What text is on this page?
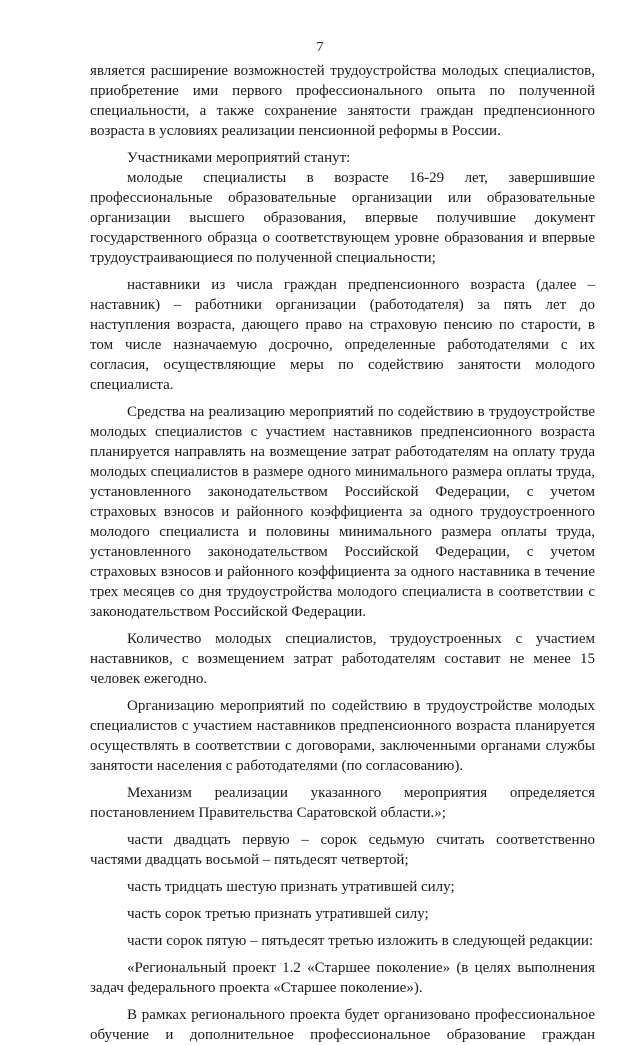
7

является расширение возможностей трудоустройства молодых специалистов, приобретение ими первого профессионального опыта по полученной специальности, а также сохранение занятости граждан предпенсионного возраста в условиях реализации пенсионной реформы в России.

Участниками мероприятий станут:

молодые специалисты в возрасте 16-29 лет, завершившие профессиональные образовательные организации или образовательные организации высшего образования, впервые получившие документ государственного образца о соответствующем уровне образования и впервые трудоустраивающиеся по полученной специальности;

наставники из числа граждан предпенсионного возраста (далее – наставник) – работники организации (работодателя) за пять лет до наступления возраста, дающего право на страховую пенсию по старости, в том числе назначаемую досрочно, определенные работодателями с их согласия, осуществляющие меры по содействию занятости молодого специалиста.

Средства на реализацию мероприятий по содействию в трудоустройстве молодых специалистов с участием наставников предпенсионного возраста планируется направлять на возмещение затрат работодателям на оплату труда молодых специалистов в размере одного минимального размера оплаты труда, установленного законодательством Российской Федерации, с учетом страховых взносов и районного коэффициента за одного трудоустроенного молодого специалиста и половины минимального размера оплаты труда, установленного законодательством Российской Федерации, с учетом страховых взносов и районного коэффициента за одного наставника в течение трех месяцев со дня трудоустройства молодого специалиста в соответствии с законодательством Российской Федерации.

Количество молодых специалистов, трудоустроенных с участием наставников, с возмещением затрат работодателям составит не менее 15 человек ежегодно.

Организацию мероприятий по содействию в трудоустройстве молодых специалистов с участием наставников предпенсионного возраста планируется осуществлять в соответствии с договорами, заключенными органами службы занятости населения с работодателями (по согласованию).

Механизм реализации указанного мероприятия определяется постановлением Правительства Саратовской области.»;

части двадцать первую – сорок седьмую считать соответственно частями двадцать восьмой – пятьдесят четвертой;

часть тридцать шестую признать утратившей силу;

часть сорок третью признать утратившей силу;

части сорок пятую – пятьдесят третью изложить в следующей редакции:

«Региональный проект 1.2 «Старшее поколение» (в целях выполнения задач федерального проекта «Старшее поколение»).

В рамках регионального проекта будет организовано профессиональное обучение и дополнительное профессиональное образование граждан
